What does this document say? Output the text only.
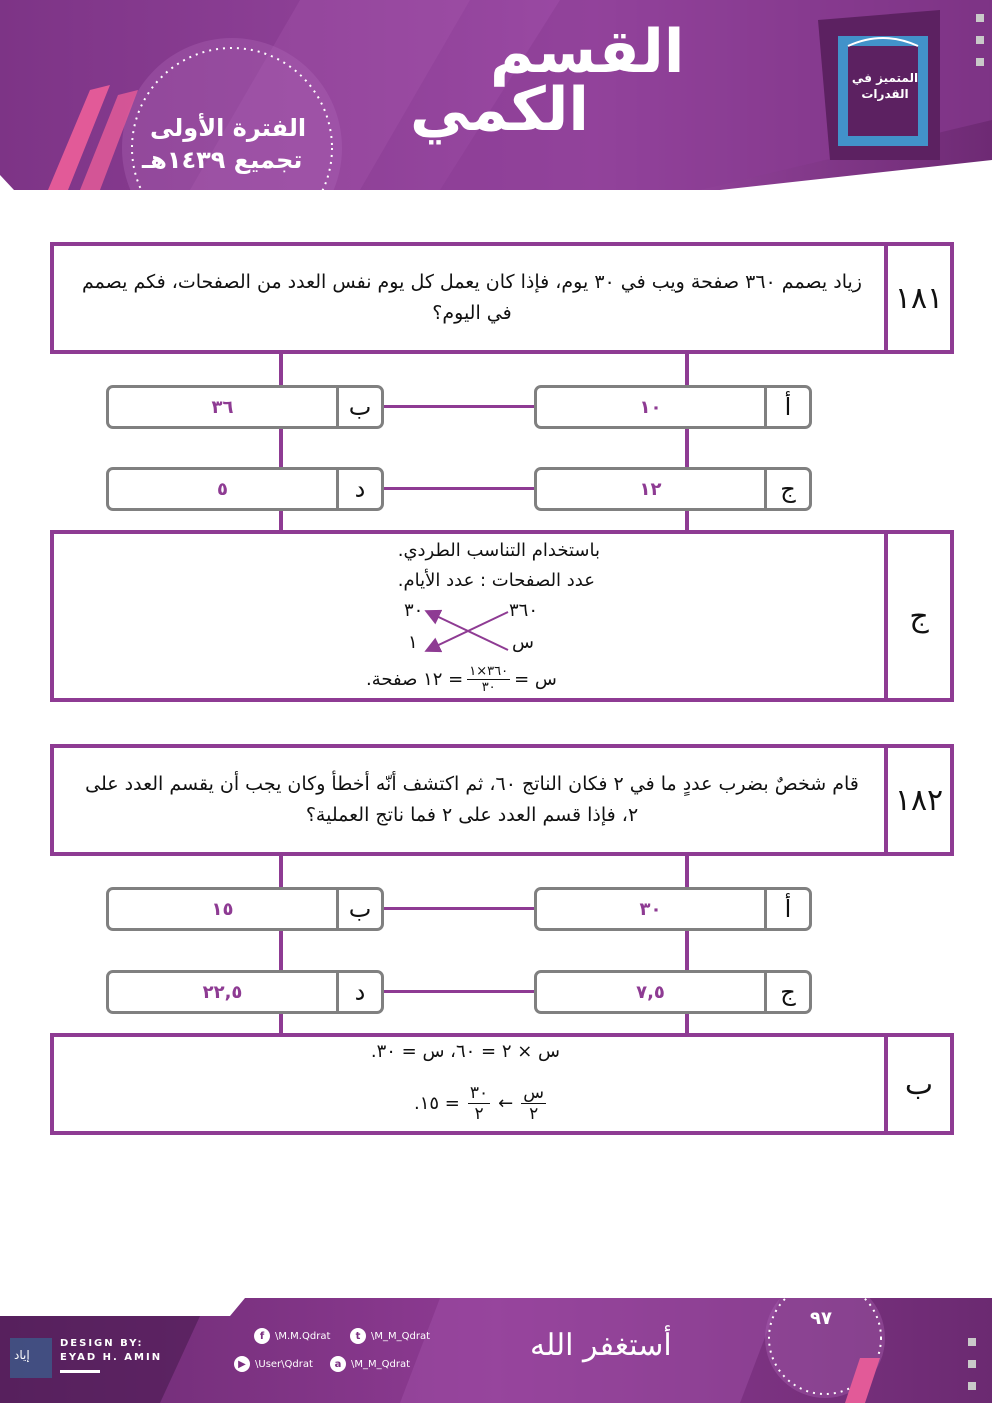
القسم
الكمي
الفترة الأولى
تجميع ١٤٣٩هـ
المتميز في القدرات
١٨١
زياد يصمم ٣٦٠ صفحة ويب في ٣٠ يوم، فإذا كان يعمل كل يوم نفس العدد من الصفحات، فكم يصمم في اليوم؟
أ
١٠
ب
٣٦
ج
١٢
د
٥
ج
باستخدام التناسب الطردي.
عدد الصفحات : عدد الأيام.
٣٦٠
٣٠
س
١
س =
$\frac{٣٦٠\times ١}{٣٠}$
= ١٢ صفحة.
١٨٢
قام شخصٌ بضرب عددٍ ما في ٢ فكان الناتج ٦٠، ثم اكتشف أنّه أخطأ وكان يجب أن يقسم العدد على ٢، فإذا قسم العدد على ٢ فما ناتج العملية؟
أ
٣٠
ب
١٥
ج
٧,٥
د
٢٢,٥
ب
س × ٢ = ٦٠، س = ٣٠.
$\frac{\text{س}}{٢}$
←
$\frac{٣٠}{٢}$
= ١٥.
٩٧
DESIGN BY:
EYAD H. AMIN
إياد
f	\M.M.Qdrat	t	\M_M_Qdrat
▶ \User\Qdrat	a \M_M_Qdrat
أستغفر الله
